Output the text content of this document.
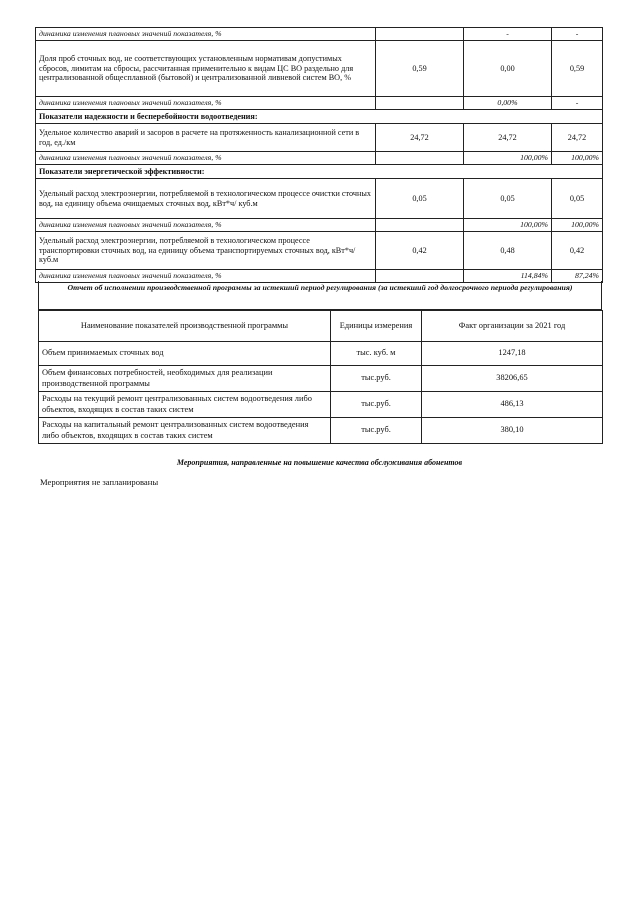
динамика изменения плановых значений показателя, %		-	-
Доля проб сточных вод, не соответствующих установленным нормативам допустимых сбросов, лимитам на сбросы, рассчитанная применительно к видам ЦС ВО раздельно для централизованной общесплавной (бытовой) и централизованной ливневой систем ВО, %	0,59	0,00	0,59
динамика изменения плановых значений показателя, %		0,00%	-
Показатели надежности и бесперебойности водоотведения:			
Удельное количество аварий и засоров в расчете на протяженность канализационной сети в год, ед./км	24,72	24,72	24,72
динамика изменения плановых значений показателя, %		100,00%	100,00%
Показатели энергетической эффективности:			
Удельный расход электроэнергии, потребляемой в технологическом процессе очистки сточных вод, на единицу объема очищаемых сточных вод, кВт*ч/ куб.м	0,05	0,05	0,05
динамика изменения плановых значений показателя, %		100,00%	100,00%
Удельный расход электроэнергии, потребляемой в технологическом процессе транспортировки сточных вод, на единицу объема транспортируемых сточных вод, кВт*ч/ куб.м	0,42	0,48	0,42
динамика изменения плановых значений показателя, %		114,84%	87,24%
Отчет об исполнении производственной программы за истекший период регулирования (за истекший год долгосрочного периода регулирования)
Наименование показателей производственной программы	Единицы измерения	Факт организации за 2021 год
Объем принимаемых сточных вод	тыс. куб. м	1247,18
Объем финансовых потребностей, необходимых для реализации производственной программы	тыс.руб.	38206,65
Расходы на текущий ремонт централизованных систем водоотведения либо объектов, входящих в состав таких систем	тыс.руб.	486,13
Расходы на капитальный ремонт централизованных систем водоотведения либо объектов, входящих в состав таких систем	тыс.руб.	380,10
Мероприятия, направленные на повышение качества обслуживания абонентов
Мероприятия не запланированы
